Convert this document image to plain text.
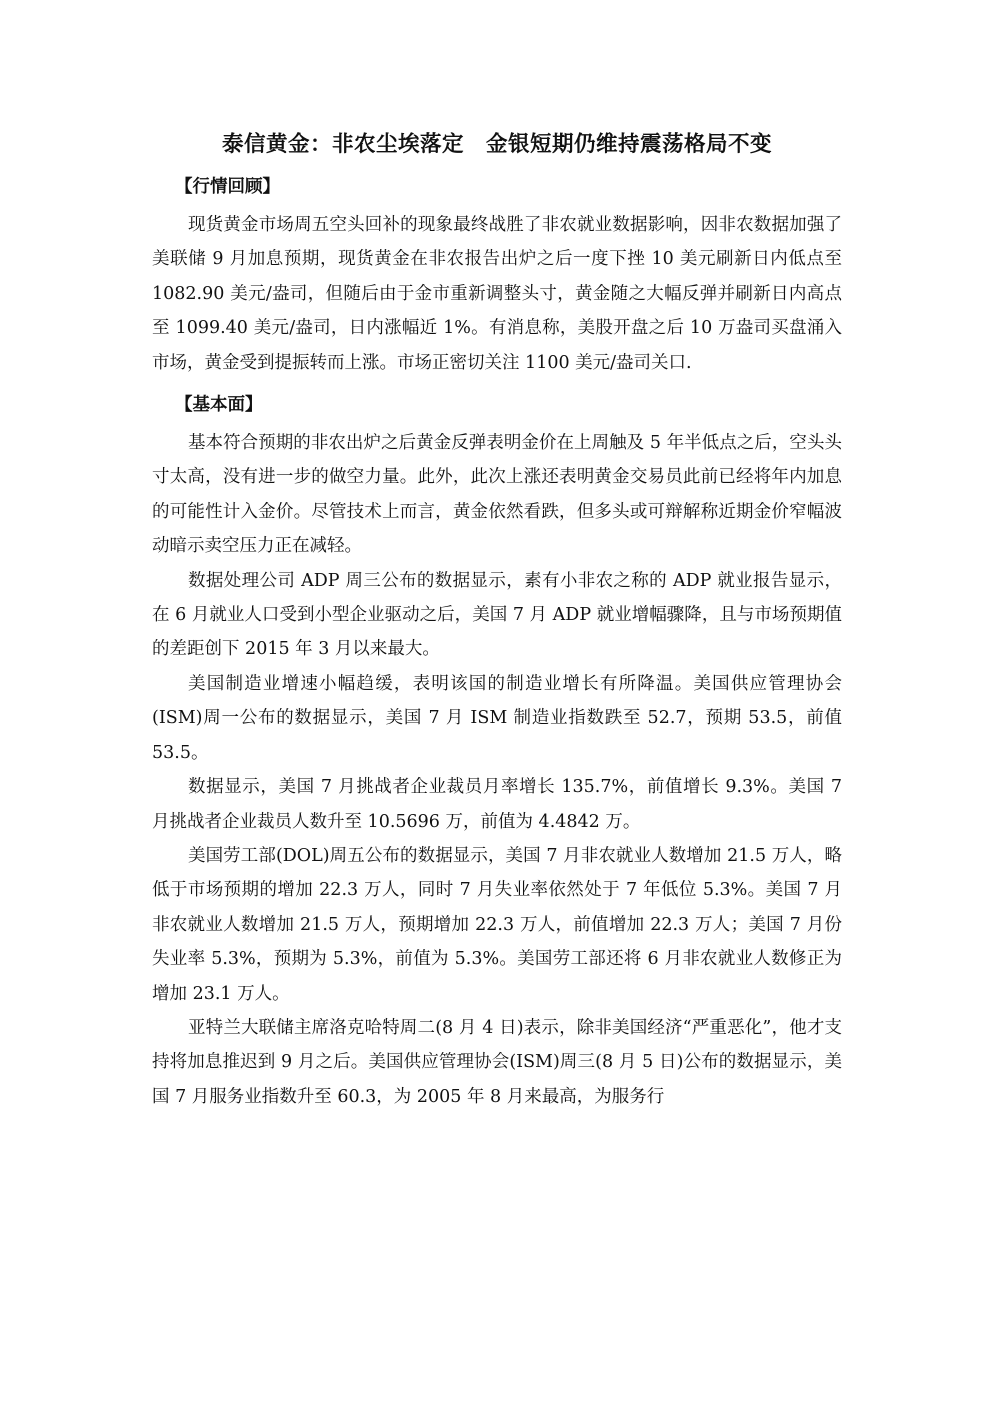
泰信黄金：非农尘埃落定　金银短期仍维持震荡格局不变
【行情回顾】

现货黄金市场周五空头回补的现象最终战胜了非农就业数据影响，因非农数据加强了美联储 9 月加息预期，现货黄金在非农报告出炉之后一度下挫 10 美元刷新日内低点至 1082.90 美元/盎司，但随后由于金市重新调整头寸，黄金随之大幅反弹并刷新日内高点至 1099.40 美元/盎司，日内涨幅近 1%。有消息称，美股开盘之后 10 万盎司买盘涌入市场，黄金受到提振转而上涨。市场正密切关注 1100 美元/盎司关口.

【基本面】

基本符合预期的非农出炉之后黄金反弹表明金价在上周触及 5 年半低点之后，空头头寸太高，没有进一步的做空力量。此外，此次上涨还表明黄金交易员此前已经将年内加息的可能性计入金价。尽管技术上而言，黄金依然看跌，但多头或可辩解称近期金价窄幅波动暗示卖空压力正在减轻。

数据处理公司 ADP 周三公布的数据显示，素有小非农之称的 ADP 就业报告显示，在 6 月就业人口受到小型企业驱动之后，美国 7 月 ADP 就业增幅骤降，且与市场预期值的差距创下 2015 年 3 月以来最大。

美国制造业增速小幅趋缓，表明该国的制造业增长有所降温。美国供应管理协会(ISM)周一公布的数据显示，美国 7 月 ISM 制造业指数跌至 52.7，预期 53.5，前值 53.5。

数据显示，美国 7 月挑战者企业裁员月率增长 135.7%，前值增长 9.3%。美国 7 月挑战者企业裁员人数升至 10.5696 万，前值为 4.4842 万。

美国劳工部(DOL)周五公布的数据显示，美国 7 月非农就业人数增加 21.5 万人，略低于市场预期的增加 22.3 万人，同时 7 月失业率依然处于 7 年低位 5.3%。美国 7 月非农就业人数增加 21.5 万人，预期增加 22.3 万人，前值增加 22.3 万人；美国 7 月份失业率 5.3%，预期为 5.3%，前值为 5.3%。美国劳工部还将 6 月非农就业人数修正为增加 23.1 万人。

亚特兰大联储主席洛克哈特周二(8 月 4 日)表示，除非美国经济“严重恶化”，他才支持将加息推迟到 9 月之后。美国供应管理协会(ISM)周三(8 月 5 日)公布的数据显示，美国 7 月服务业指数升至 60.3，为 2005 年 8 月来最高，为服务行
